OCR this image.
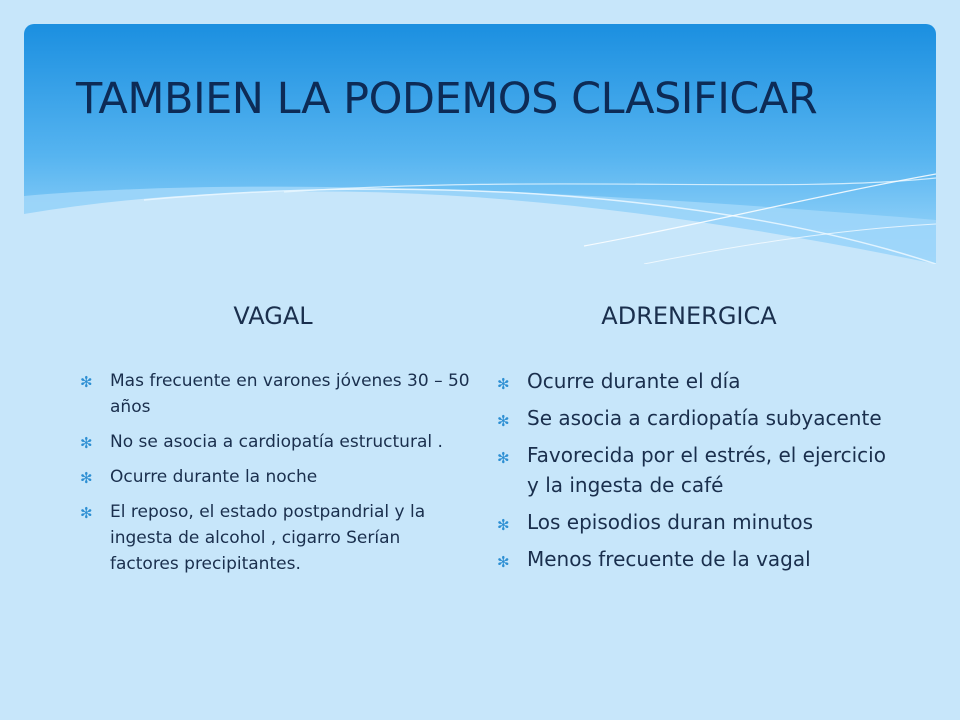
TAMBIEN LA PODEMOS CLASIFICAR
VAGAL	ADRENERGICA
✻ Mas frecuente en varones jóvenes 30 – 50 años
✻ No se asocia a cardiopatía estructural .
✻ Ocurre durante la noche
✻ El reposo, el estado postpandrial y la ingesta de alcohol , cigarro Serían factores precipitantes.
✻ Ocurre durante el día
✻ Se asocia a cardiopatía subyacente
✻ Favorecida por el estrés, el ejercicio y la ingesta de café
✻ Los episodios duran minutos
✻ Menos frecuente de la vagal
